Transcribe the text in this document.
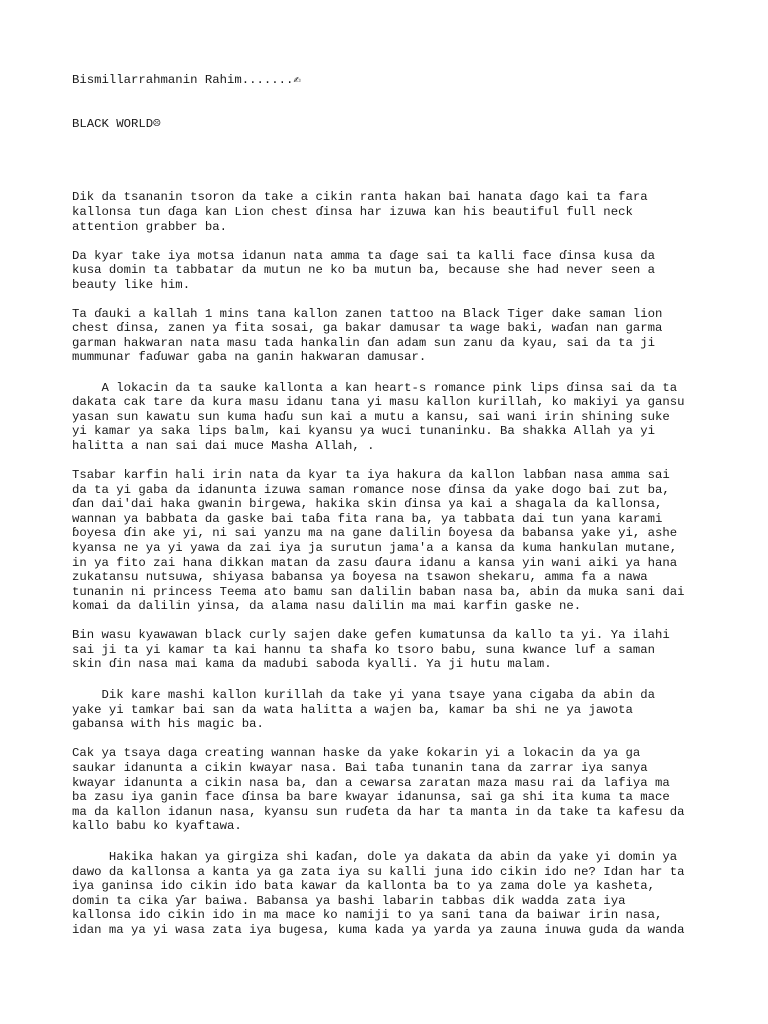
Bismillarrahmanin Rahim.......✍

BLACK WORLD☹

Dik da tsananin tsoron da take a cikin ranta hakan bai hanata ɗago kai ta fara

kallonsa tun ɗaga kan Lion chest ɗinsa har izuwa kan his beautiful full neck

attention grabber ba.

Da kyar take iya motsa idanun nata amma ta ɗage sai ta kalli face ɗinsa kusa da

kusa domin ta tabbatar da mutun ne ko ba mutun ba, because she had never seen a

beauty like him.

Ta ɗauki a kallah 1 mins tana kallon zanen tattoo na Black Tiger dake saman lion

chest ɗinsa, zanen ya fita sosai, ga bakar damusar ta wage baki, waɗan nan garma

garman hakwaran nata masu tada hankalin ɗan adam sun zanu da kyau, sai da ta ji

mummunar faɗuwar gaba na ganin hakwaran damusar.

A lokacin da ta sauke kallonta a kan heart-s romance pink lips ɗinsa sai da ta

dakata cak tare da kura masu idanu tana yi masu kallon kurillah, ko makiyi ya gansu

yasan sun kawatu sun kuma haɗu sun kai a mutu a kansu, sai wani irin shining suke

yi kamar ya saka lips balm, kai kyansu ya wuci tunaninku. Ba shakka Allah ya yi

halitta a nan sai dai muce Masha Allah, .

Tsabar karfin hali irin nata da kyar ta iya hakura da kallon labɓan nasa amma sai

da ta yi gaba da idanunta izuwa saman romance nose ɗinsa da yake dogo bai zut ba,

ɗan dai'dai haka gwanin birgewa, hakika skin ɗinsa ya kai a shagala da kallonsa,

wannan ya babbata da gaske bai taɓa fita rana ba, ya tabbata dai tun yana karami

ɓoyesa ɗin ake yi, ni sai yanzu ma na gane dalilin ɓoyesa da babansa yake yi, ashe

kyansa ne ya yi yawa da zai iya ja surutun jama'a a kansa da kuma hankulan mutane,

in ya fito zai hana dikkan matan da zasu ɗaura idanu a kansa yin wani aiki ya hana

zukatansu nutsuwa, shiyasa babansa ya ɓoyesa na tsawon shekaru, amma fa a nawa

tunanin ni princess Teema ato bamu san dalilin baban nasa ba, abin da muka sani dai

komai da dalilin yinsa, da alama nasu dalilin ma mai karfin gaske ne.

Bin wasu kyawawan black curly sajen dake gefen kumatunsa da kallo ta yi. Ya ilahi

sai ji ta yi kamar ta kai hannu ta shafa ko tsoro babu, suna kwance luf a saman

skin ɗin nasa mai kama da madubi saboda kyalli. Ya ji hutu malam.

Dik kare mashi kallon kurillah da take yi yana tsaye yana cigaba da abin da

yake yi tamkar bai san da wata halitta a wajen ba, kamar ba shi ne ya jawota

gabansa with his magic ba.

Cak ya tsaya daga creating wannan haske da yake ƙokarin yi a lokacin da ya ga

saukar idanunta a cikin kwayar nasa. Bai taɓa tunanin tana da zarrar iya sanya

kwayar idanunta a cikin nasa ba, dan a cewarsa zaratan maza masu rai da lafiya ma

ba zasu iya ganin face ɗinsa ba bare kwayar idanunsa, sai ga shi ita kuma ta mace

ma da kallon idanun nasa, kyansu sun ruɗeta da har ta manta in da take ta kafesu da

kallo babu ko kyaftawa.

Hakika hakan ya girgiza shi kaɗan, dole ya dakata da abin da yake yi domin ya

dawo da kallonsa a kanta ya ga zata iya su kalli juna ido cikin ido ne? Idan har ta

iya ganinsa ido cikin ido bata kawar da kallonta ba to ya zama dole ya kasheta,

domin ta cika ƴar baiwa. Babansa ya bashi labarin tabbas dik wadda zata iya

kallonsa ido cikin ido in ma mace ko namiji to ya sani tana da baiwar irin nasa,

idan ma ya yi wasa zata iya bugesa, kuma kada ya yarda ya zauna inuwa guda da wanda
